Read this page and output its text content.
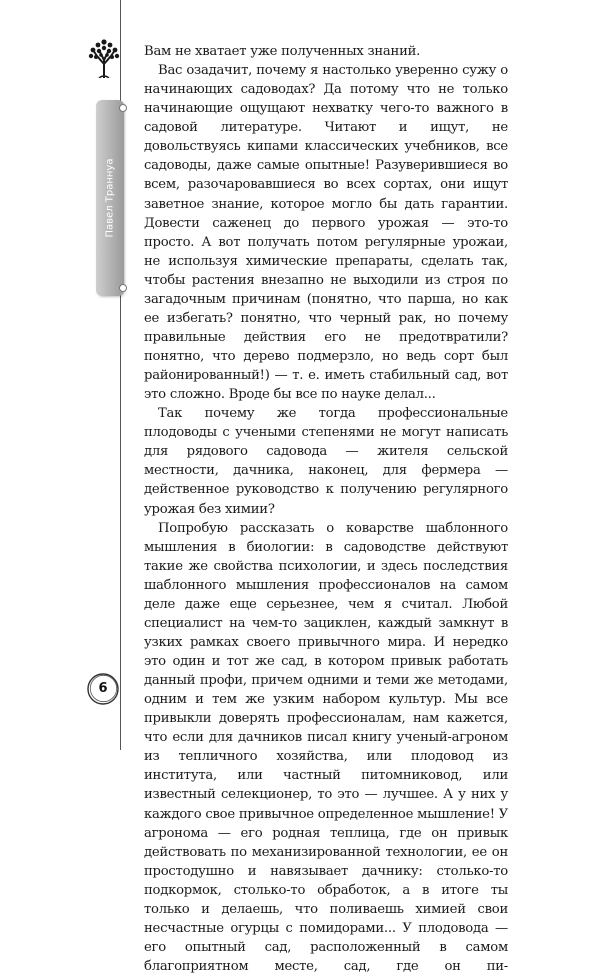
Павел Траннуа
6

Вам не хватает уже полученных знаний.

Вас озадачит, почему я настолько уверенно сужу о начинающих садоводах? Да потому что не только начинающие ощущают нехватку чего-то важного в садовой литературе. Читают и ищут, не довольствуясь кипами классических учебников, все садоводы, даже самые опытные! Разуверившиеся во всем, разочаровавшиеся во всех сортах, они ищут заветное знание, которое могло бы дать гарантии. Довести саженец до первого урожая — это-то просто. А вот получать потом регулярные урожаи, не используя химические препараты, сделать так, чтобы растения внезапно не выходили из строя по загадочным причинам (понятно, что парша, но как ее избегать? понятно, что черный рак, но почему правильные действия его не предотвратили? понятно, что дерево подмерзло, но ведь сорт был районированный!) — т. е. иметь стабильный сад, вот это сложно. Вроде бы все по науке делал...

Так почему же тогда профессиональные плодоводы с учеными степенями не могут написать для рядового садовода — жителя сельской местности, дачника, наконец, для фермера — действенное руководство к получению регулярного урожая без химии?

Попробую рассказать о коварстве шаблонного мышления в биологии: в садоводстве действуют такие же свойства психологии, и здесь последствия шаблонного мышления профессионалов на самом деле даже еще серьезнее, чем я считал. Любой специалист на чем-то зациклен, каждый замкнут в узких рамках своего привычного мира. И нередко это один и тот же сад, в котором привык работать данный профи, причем одними и теми же методами, одним и тем же узким набором культур. Мы все привыкли доверять профессионалам, нам кажется, что если для дачников писал книгу ученый-агроном из тепличного хозяйства, или плодовод из института, или частный питомниковод, или известный селекционер, то это — лучшее. А у них у каждого свое привычное определенное мышление! У агронома — его родная теплица, где он привык действовать по механизированной технологии, ее он простодушно и навязывает дачнику: столько-то подкормок, столько-то обработок, а в итоге ты только и делаешь, что поливаешь химией свои несчастные огурцы с помидорами... У плодовода — его опытный сад, расположенный в самом благоприятном месте, сад, где он пи-
